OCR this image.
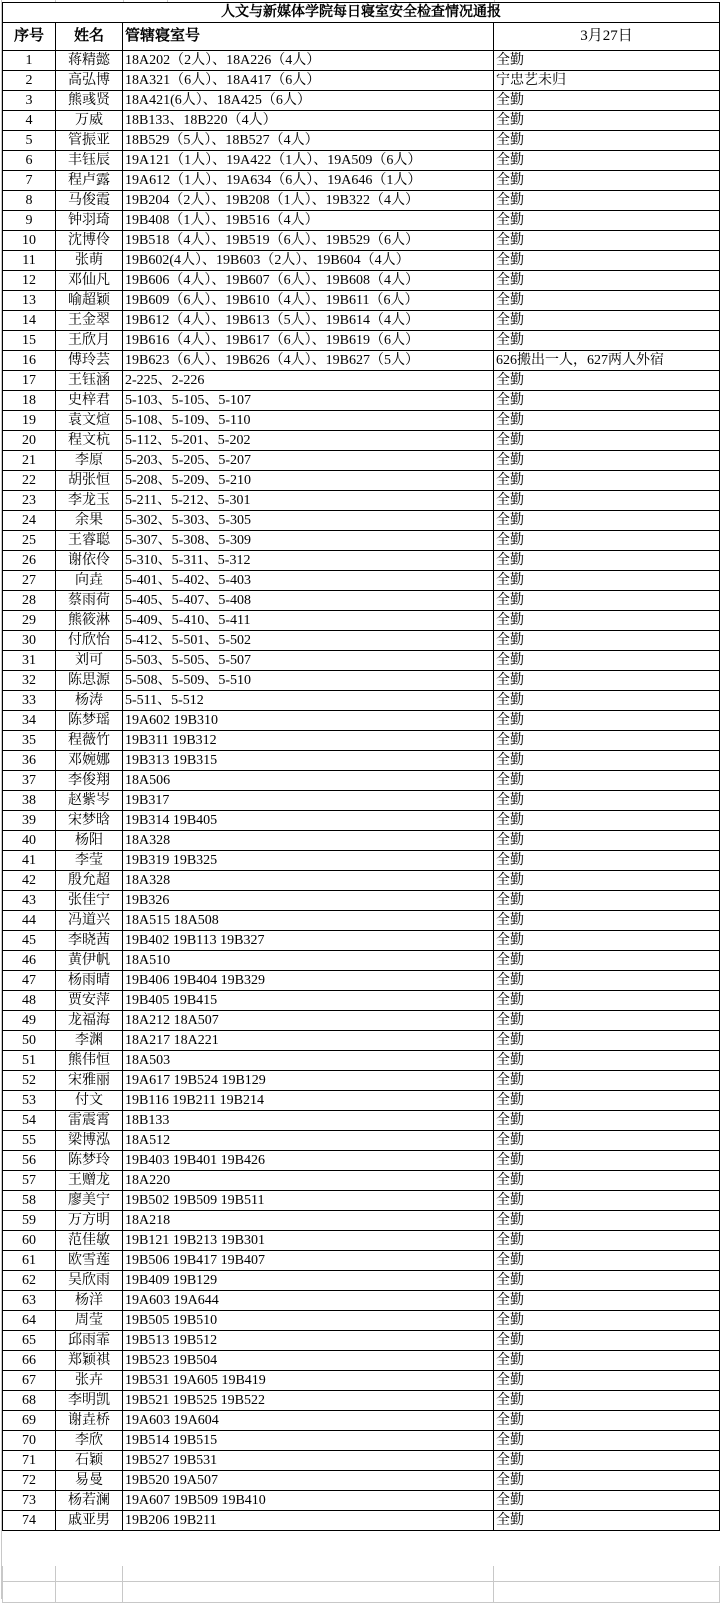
人文与新媒体学院每日寝室安全检查情况通报			
序号	姓名	管辖寝室号	3月27日
1	蒋精懿	18A202（2人）、18A226（4人）	全勤
2	高弘博	18A321（6人）、18A417（6人）	宁忠艺未归
3	熊彧贤	18A421(6人）、18A425（6人）	全勤
4	万威	18B133、18B220（4人）	全勤
5	管振亚	18B529（5人）、18B527（4人）	全勤
6	丰钰辰	19A121（1人）、19A422（1人）、19A509（6人）	全勤
7	程卢露	19A612（1人）、19A634（6人）、19A646（1人）	全勤
8	马俊霞	19B204（2人）、19B208（1人）、19B322（4人）	全勤
9	钟羽琦	19B408（1人）、19B516（4人）	全勤
10	沈博伶	19B518（4人）、19B519（6人）、19B529（6人）	全勤
11	张萌	19B602(4人）、19B603（2人）、19B604（4人）	全勤
12	邓仙凡	19B606（4人）、19B607（6人）、19B608（4人）	全勤
13	喻超颖	19B609（6人）、19B610（4人）、19B611（6人）	全勤
14	王金翠	19B612（4人）、19B613（5人）、19B614（4人）	全勤
15	王欣月	19B616（4人）、19B617（6人）、19B619（6人）	全勤
16	傅玲芸	19B623（6人）、19B626（4人）、19B627（5人）	626搬出一人，627两人外宿
17	王钰涵	2-225、2-226	全勤
18	史梓君	5-103、5-105、5-107	全勤
19	袁文煊	5-108、5-109、5-110	全勤
20	程文杭	5-112、5-201、5-202	全勤
21	李原	5-203、5-205、5-207	全勤
22	胡张恒	5-208、5-209、5-210	全勤
23	李龙玉	5-211、5-212、5-301	全勤
24	余果	5-302、5-303、5-305	全勤
25	王睿聪	5-307、5-308、5-309	全勤
26	谢依伶	5-310、5-311、5-312	全勤
27	向垚	5-401、5-402、5-403	全勤
28	蔡雨荷	5-405、5-407、5-408	全勤
29	熊筱淋	5-409、5-410、5-411	全勤
30	付欣怡	5-412、5-501、5-502	全勤
31	刘可	5-503、5-505、5-507	全勤
32	陈思源	5-508、5-509、5-510	全勤
33	杨涛	5-511、5-512	全勤
34	陈梦瑶	19A602 19B310	全勤
35	程薇竹	19B311 19B312	全勤
36	邓婉娜	19B313 19B315	全勤
37	李俊翔	18A506	全勤
38	赵紫岑	19B317	全勤
39	宋梦晗	19B314 19B405	全勤
40	杨阳	18A328	全勤
41	李莹	19B319 19B325	全勤
42	殷允超	18A328	全勤
43	张佳宁	19B326	全勤
44	冯道兴	18A515 18A508	全勤
45	李晓茜	19B402 19B113 19B327	全勤
46	黄伊帆	18A510	全勤
47	杨雨晴	19B406 19B404 19B329	全勤
48	贾安萍	19B405 19B415	全勤
49	龙福海	18A212 18A507	全勤
50	李渊	18A217 18A221	全勤
51	熊伟恒	18A503	全勤
52	宋雅丽	19A617 19B524 19B129	全勤
53	付文	19B116 19B211 19B214	全勤
54	雷震霄	18B133	全勤
55	梁博泓	18A512	全勤
56	陈梦玲	19B403 19B401 19B426	全勤
57	王赠龙	18A220	全勤
58	廖美宁	19B502 19B509 19B511	全勤
59	万方明	18A218	全勤
60	范佳敏	19B121 19B213 19B301	全勤
61	欧雪莲	19B506 19B417 19B407	全勤
62	吴欣雨	19B409 19B129	全勤
63	杨洋	19A603 19A644	全勤
64	周莹	19B505 19B510	全勤
65	邱雨霏	19B513 19B512	全勤
66	郑颖祺	19B523 19B504	全勤
67	张卉	19B531 19A605 19B419	全勤
68	李明凯	19B521 19B525 19B522	全勤
69	谢垚桥	19A603 19A604	全勤
70	李欣	19B514 19B515	全勤
71	石颖	19B527 19B531	全勤
72	易曼	19B520 19A507	全勤
73	杨若澜	19A607 19B509 19B410	全勤
74	戚亚男	19B206 19B211	全勤
